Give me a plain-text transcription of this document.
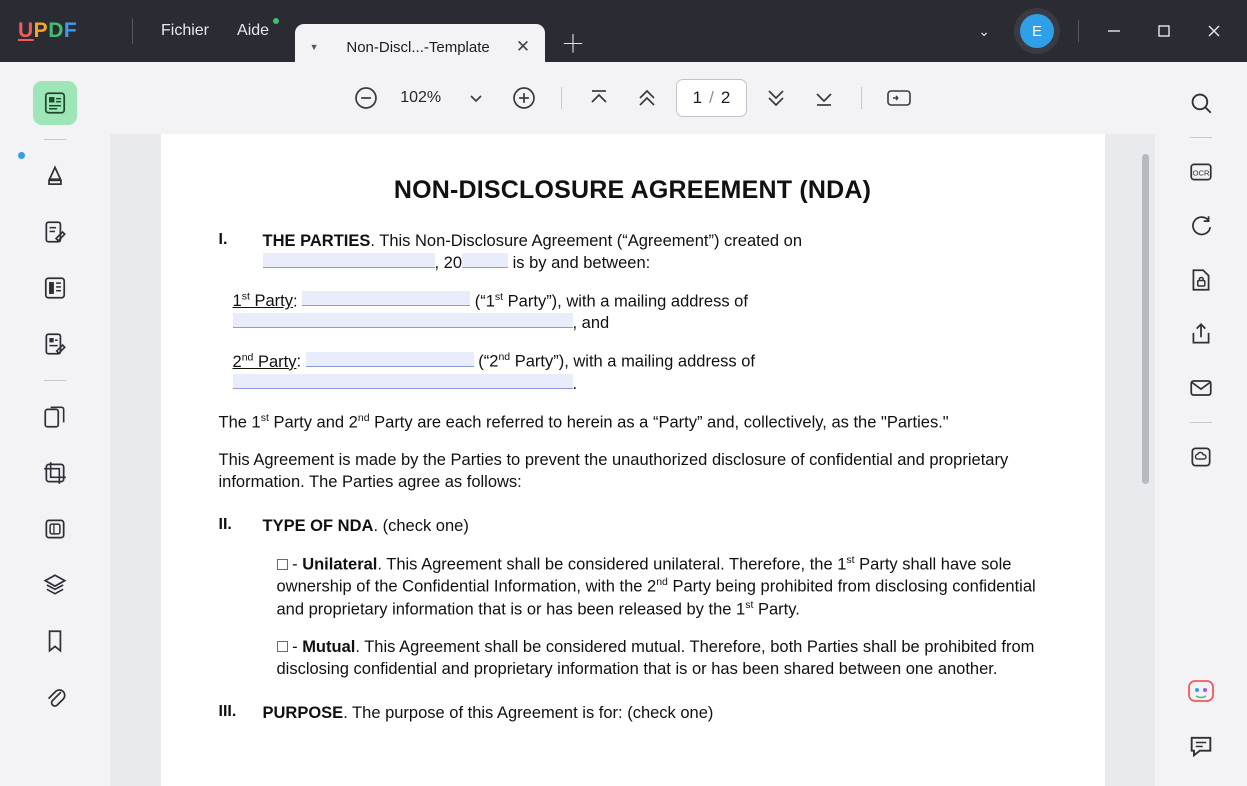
UPDF	Fichier	Aide
▼	Non-Discl...-Template	✕ ＋
⌄	E
102%	1 / 2
NON-DISCLOSURE AGREEMENT (NDA)
I.	THE PARTIES. This Non-Disclosure Agreement (“Agreement”) created on
, 20	is by and between:
1st Party:	(“1st Party”), with a mailing address of
, and
2nd Party:	(“2nd Party”), with a mailing address of
.
The 1st Party and 2nd Party are each referred to herein as a “Party” and, collectively, as the "Parties."
This Agreement is made by the Parties to prevent the unauthorized disclosure of confidential and proprietary information. The Parties agree as follows:
II.	TYPE OF NDA. (check one)
- Unilateral. This Agreement shall be considered unilateral. Therefore, the 1st Party shall have sole ownership of the Confidential Information, with the 2nd Party being prohibited from disclosing confidential and proprietary information that is or has been released by the 1st Party.
- Mutual. This Agreement shall be considered mutual. Therefore, both Parties shall be prohibited from disclosing confidential and proprietary information that is or has been shared between one another.
III.	PURPOSE. The purpose of this Agreement is for: (check one)
OCR
